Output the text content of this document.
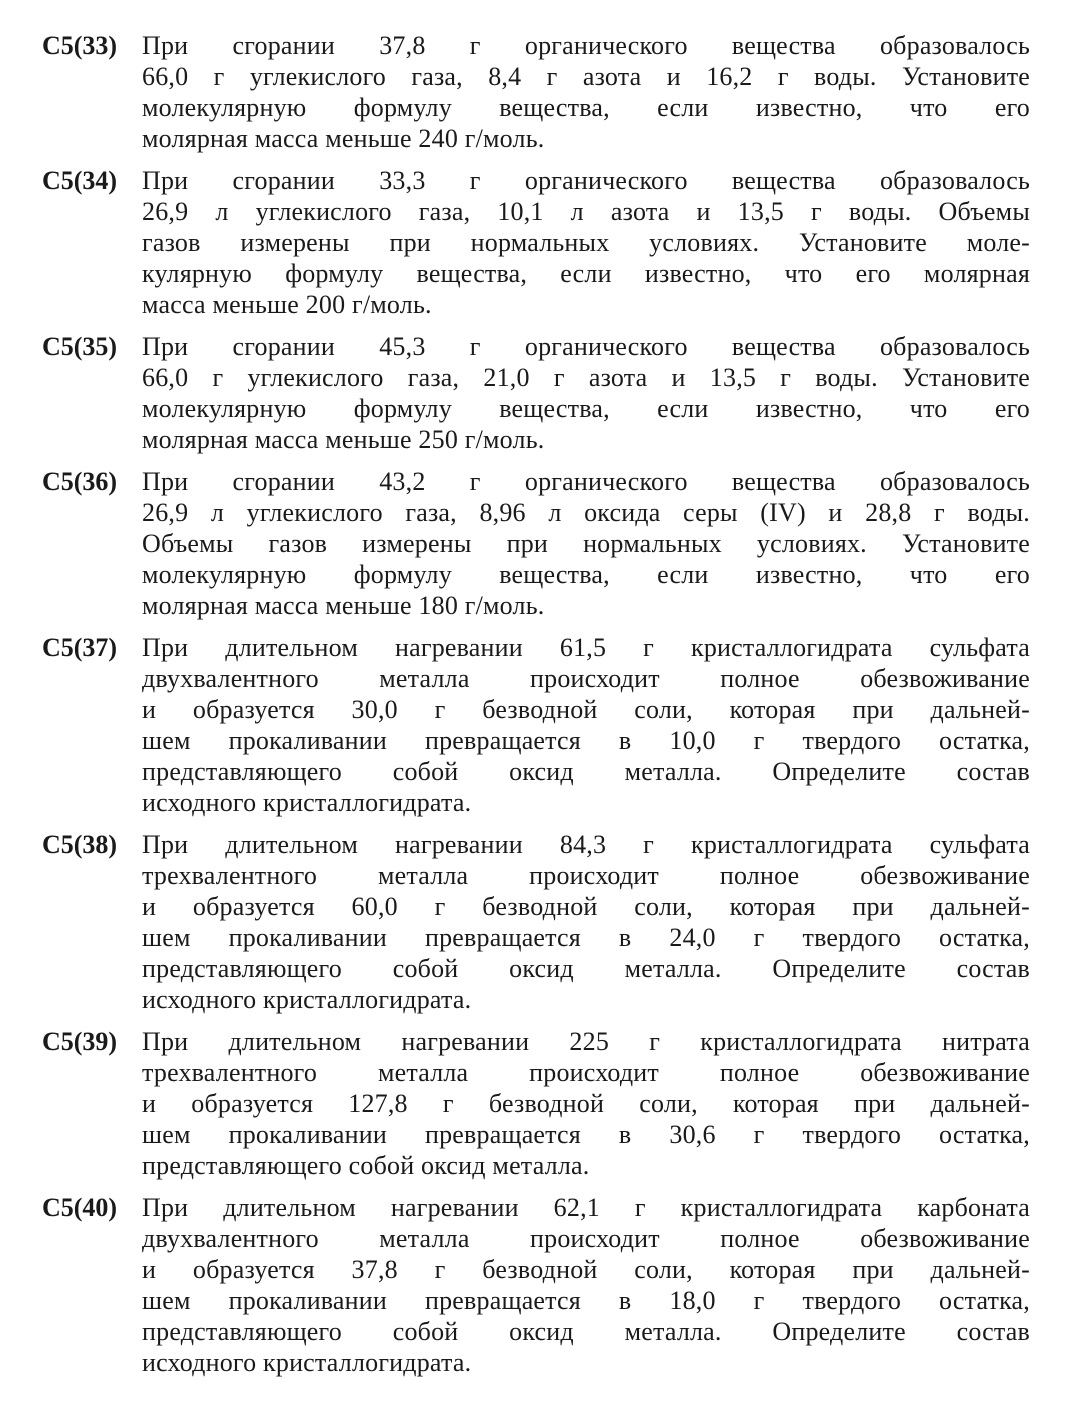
C5(33) При сгорании 37,8 г органического вещества образовалось
66,0 г углекислого газа, 8,4 г азота и 16,2 г воды. Установите
молекулярную формулу вещества, если известно, что его
молярная масса меньше 240 г/моль.
C5(34) При сгорании 33,3 г органического вещества образовалось
26,9 л углекислого газа, 10,1 л азота и 13,5 г воды. Объемы
газов измерены при нормальных условиях. Установите моле-
кулярную формулу вещества, если известно, что его молярная
масса меньше 200 г/моль.
C5(35) При сгорании 45,3 г органического вещества образовалось
66,0 г углекислого газа, 21,0 г азота и 13,5 г воды. Установите
молекулярную формулу вещества, если известно, что его
молярная масса меньше 250 г/моль.
C5(36) При сгорании 43,2 г органического вещества образовалось
26,9 л углекислого газа, 8,96 л оксида серы (IV) и 28,8 г воды.
Объемы газов измерены при нормальных условиях. Установите
молекулярную формулу вещества, если известно, что его
молярная масса меньше 180 г/моль.
C5(37) При длительном нагревании 61,5 г кристаллогидрата сульфата
двухвалентного металла происходит полное обезвоживание
и образуется 30,0 г безводной соли, которая при дальней-
шем прокаливании превращается в 10,0 г твердого остатка,
представляющего собой оксид металла. Определите состав
исходного кристаллогидрата.
C5(38) При длительном нагревании 84,3 г кристаллогидрата сульфата
трехвалентного металла происходит полное обезвоживание
и образуется 60,0 г безводной соли, которая при дальней-
шем прокаливании превращается в 24,0 г твердого остатка,
представляющего собой оксид металла. Определите состав
исходного кристаллогидрата.
C5(39) При длительном нагревании 225 г кристаллогидрата нитрата
трехвалентного металла происходит полное обезвоживание
и образуется 127,8 г безводной соли, которая при дальней-
шем прокаливании превращается в 30,6 г твердого остатка,
представляющего собой оксид металла.
C5(40) При длительном нагревании 62,1 г кристаллогидрата карбоната
двухвалентного металла происходит полное обезвоживание
и образуется 37,8 г безводной соли, которая при дальней-
шем прокаливании превращается в 18,0 г твердого остатка,
представляющего собой оксид металла. Определите состав
исходного кристаллогидрата.
